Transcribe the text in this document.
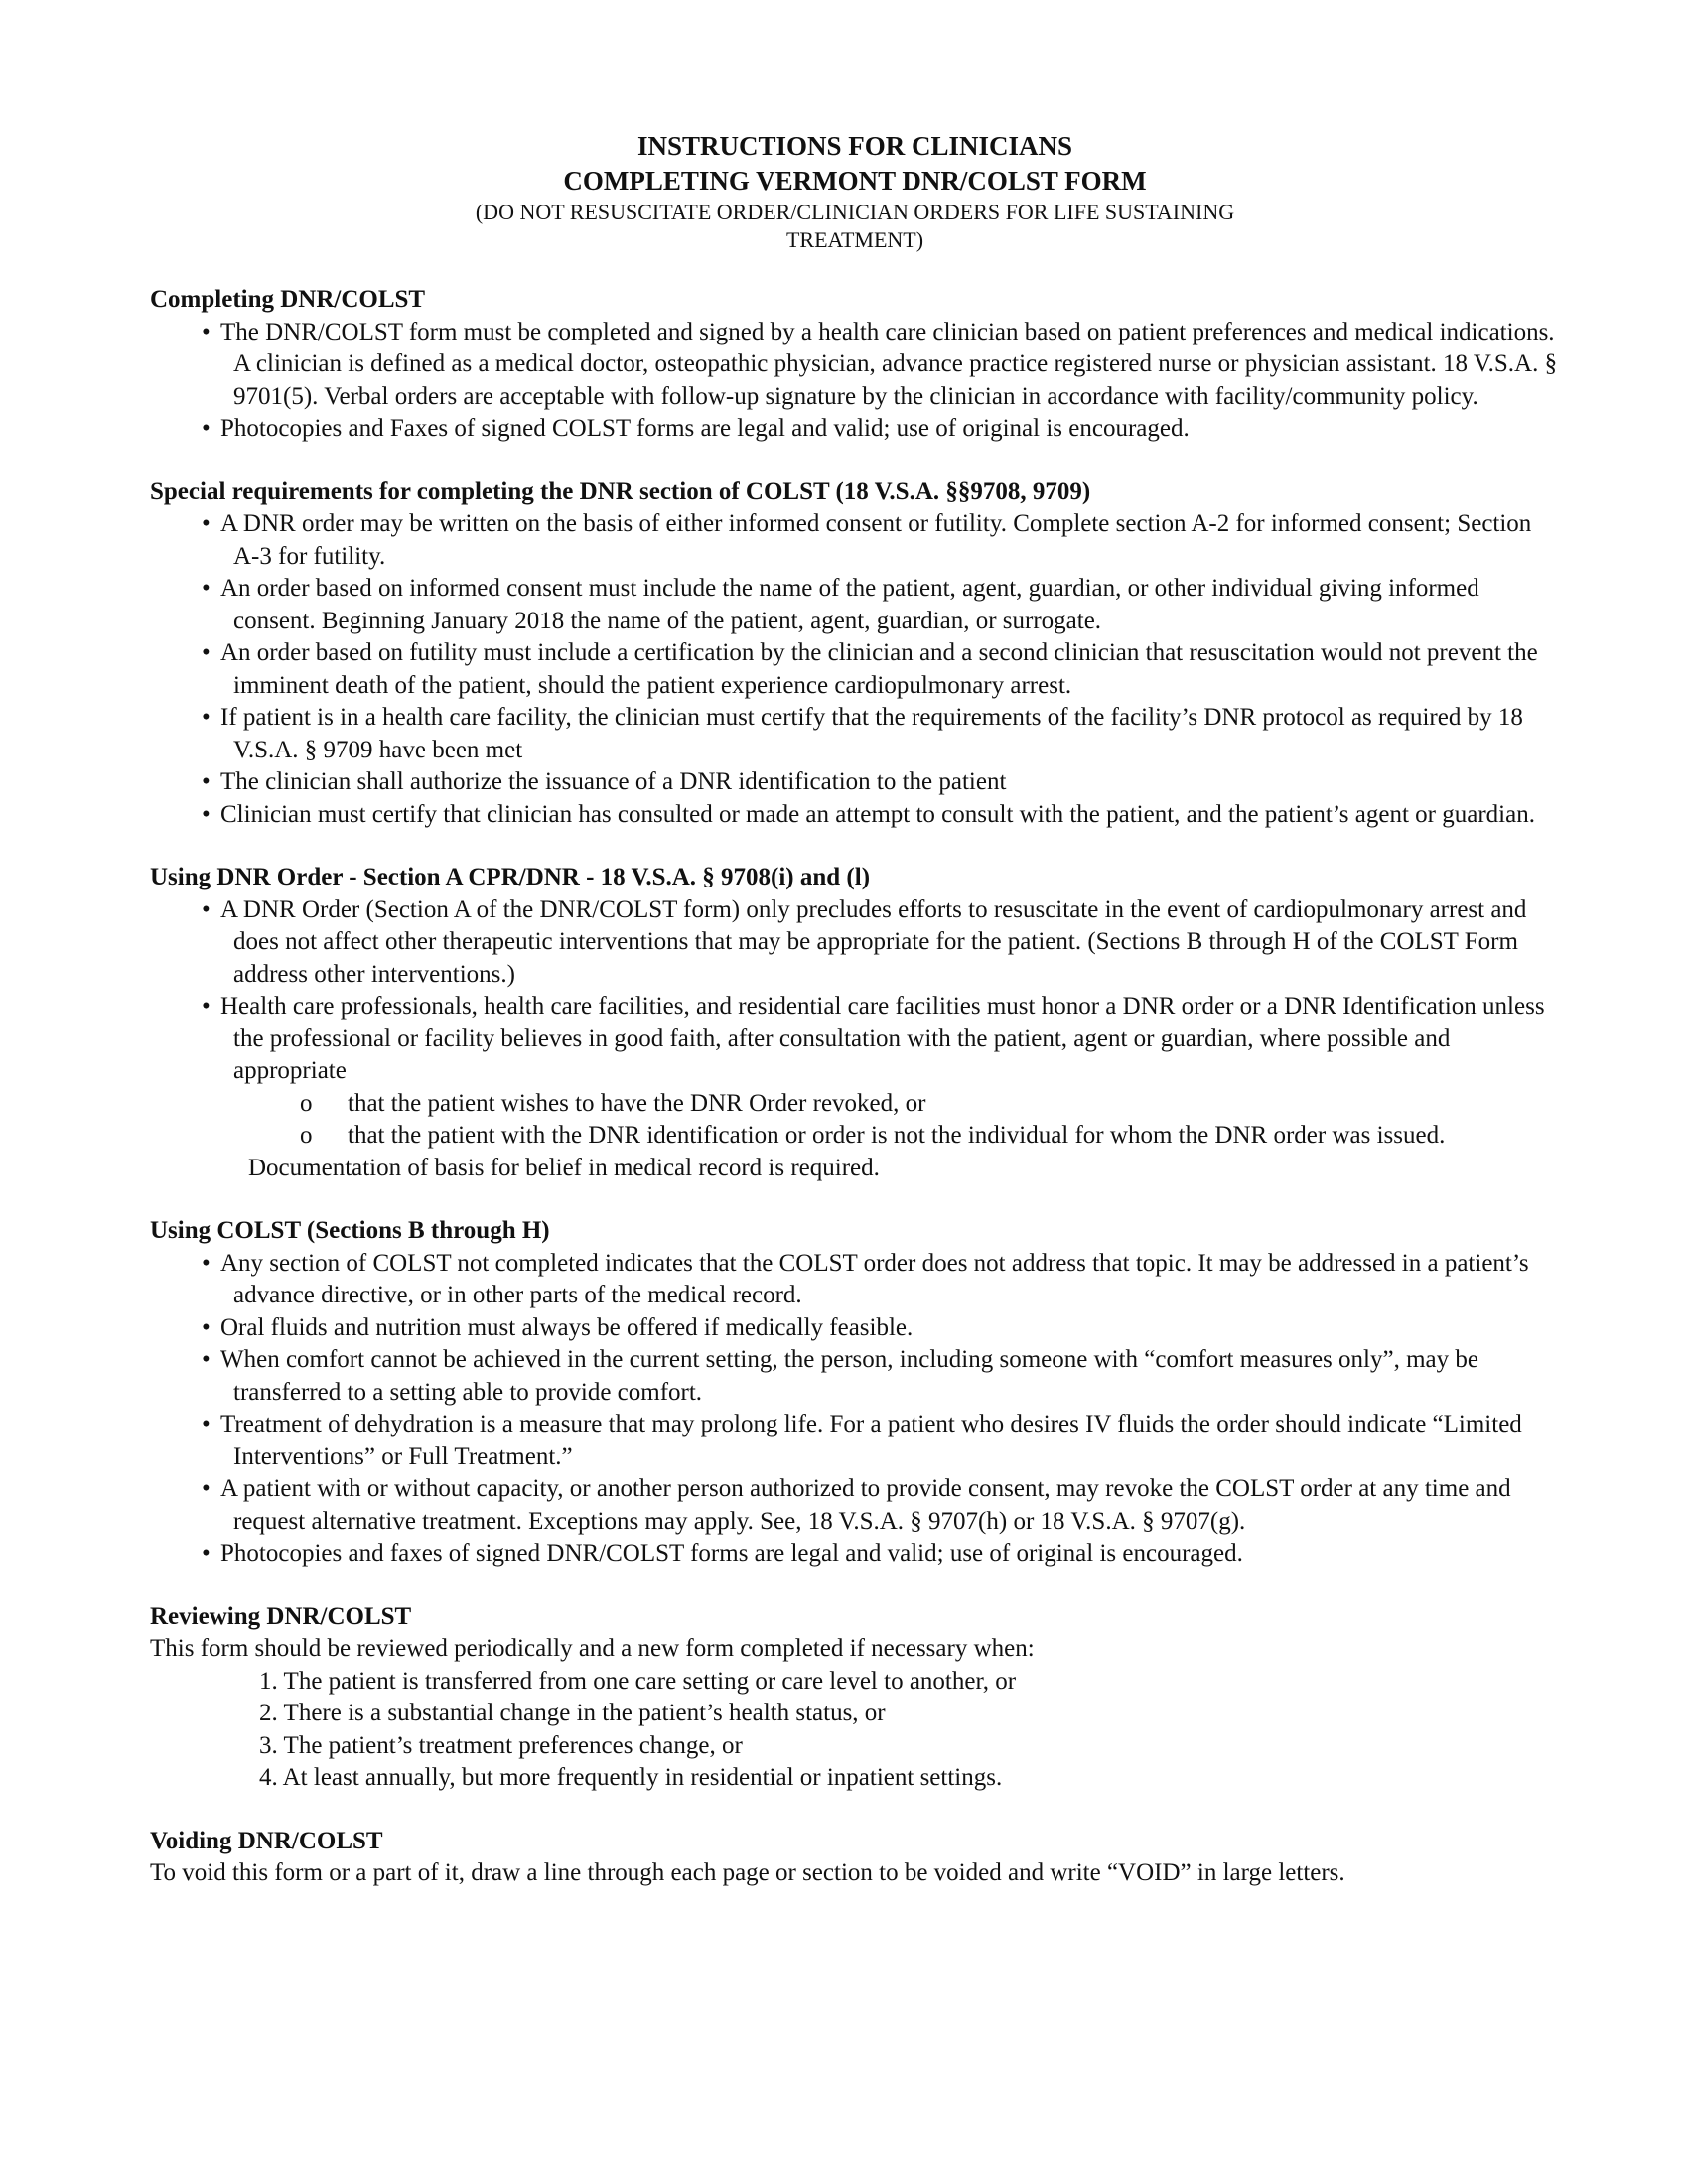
INSTRUCTIONS FOR CLINICIANS
COMPLETING VERMONT DNR/COLST FORM
(DO NOT RESUSCITATE ORDER/CLINICIAN ORDERS FOR LIFE SUSTAINING
TREATMENT)
Completing DNR/COLST
• The DNR/COLST form must be completed and signed by a health care clinician based on patient preferences and medical indications. A clinician is defined as a medical doctor, osteopathic physician, advance practice registered nurse or physician assistant. 18 V.S.A. § 9701(5). Verbal orders are acceptable with follow-up signature by the clinician in accordance with facility/community policy.
• Photocopies and Faxes of signed COLST forms are legal and valid; use of original is encouraged.
Special requirements for completing the DNR section of COLST (18 V.S.A. §§9708, 9709)
• A DNR order may be written on the basis of either informed consent or futility. Complete section A-2 for informed consent; Section A-3 for futility.
• An order based on informed consent must include the name of the patient, agent, guardian, or other individual giving informed consent. Beginning January 2018 the name of the patient, agent, guardian, or surrogate.
• An order based on futility must include a certification by the clinician and a second clinician that resuscitation would not prevent the imminent death of the patient, should the patient experience cardiopulmonary arrest.
• If patient is in a health care facility, the clinician must certify that the requirements of the facility’s DNR protocol as required by 18 V.S.A. § 9709 have been met
• The clinician shall authorize the issuance of a DNR identification to the patient
• Clinician must certify that clinician has consulted or made an attempt to consult with the patient, and the patient’s agent or guardian.
Using DNR Order - Section A CPR/DNR - 18 V.S.A. § 9708(i) and (l)
• A DNR Order (Section A of the DNR/COLST form) only precludes efforts to resuscitate in the event of cardiopulmonary arrest and does not affect other therapeutic interventions that may be appropriate for the patient. (Sections B through H of the COLST Form address other interventions.)
• Health care professionals, health care facilities, and residential care facilities must honor a DNR order or a DNR Identification unless the professional or facility believes in good faith, after consultation with the patient, agent or guardian, where possible and appropriate
o that the patient wishes to have the DNR Order revoked, or
o that the patient with the DNR identification or order is not the individual for whom the DNR order was issued.
Documentation of basis for belief in medical record is required.
Using COLST (Sections B through H)
• Any section of COLST not completed indicates that the COLST order does not address that topic. It may be addressed in a patient’s advance directive, or in other parts of the medical record.
• Oral fluids and nutrition must always be offered if medically feasible.
• When comfort cannot be achieved in the current setting, the person, including someone with “comfort measures only”, may be transferred to a setting able to provide comfort.
• Treatment of dehydration is a measure that may prolong life. For a patient who desires IV fluids the order should indicate “Limited Interventions” or Full Treatment.”
• A patient with or without capacity, or another person authorized to provide consent, may revoke the COLST order at any time and request alternative treatment. Exceptions may apply. See, 18 V.S.A. § 9707(h) or 18 V.S.A. § 9707(g).
• Photocopies and faxes of signed DNR/COLST forms are legal and valid; use of original is encouraged.
Reviewing DNR/COLST
This form should be reviewed periodically and a new form completed if necessary when:
1. The patient is transferred from one care setting or care level to another, or
2. There is a substantial change in the patient’s health status, or
3. The patient’s treatment preferences change, or
4. At least annually, but more frequently in residential or inpatient settings.
Voiding DNR/COLST
To void this form or a part of it, draw a line through each page or section to be voided and write “VOID” in large letters.
